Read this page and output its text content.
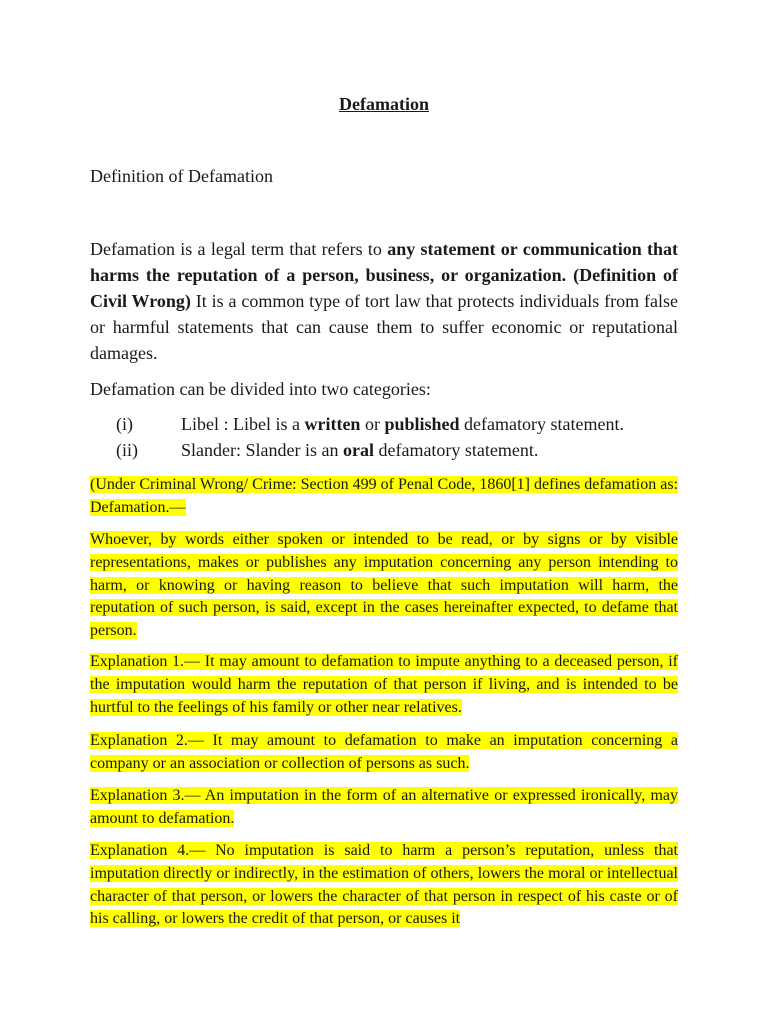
Defamation

Definition of Defamation

Defamation is a legal term that refers to any statement or communication that harms the reputation of a person, business, or organization. (Definition of Civil Wrong) It is a common type of tort law that protects individuals from false or harmful statements that can cause them to suffer economic or reputational damages.

Defamation can be divided into two categories:

(i)	Libel : Libel is a written or published defamatory statement.
(ii)	Slander: Slander is an oral defamatory statement.

(Under Criminal Wrong/ Crime: Section 499 of Penal Code, 1860[1] defines defamation as: Defamation.—

Whoever, by words either spoken or intended to be read, or by signs or by visible representations, makes or publishes any imputation concerning any person intending to harm, or knowing or having reason to believe that such imputation will harm, the reputation of such person, is said, except in the cases hereinafter expected, to defame that person.

Explanation 1.— It may amount to defamation to impute anything to a deceased person, if the imputation would harm the reputation of that person if living, and is intended to be hurtful to the feelings of his family or other near relatives.

Explanation 2.— It may amount to defamation to make an imputation concerning a company or an association or collection of persons as such.

Explanation 3.— An imputation in the form of an alternative or expressed ironically, may amount to defamation.

Explanation 4.— No imputation is said to harm a person’s reputation, unless that imputation directly or indirectly, in the estimation of others, lowers the moral or intellectual character of that person, or lowers the character of that person in respect of his caste or of his calling, or lowers the credit of that person, or causes it
